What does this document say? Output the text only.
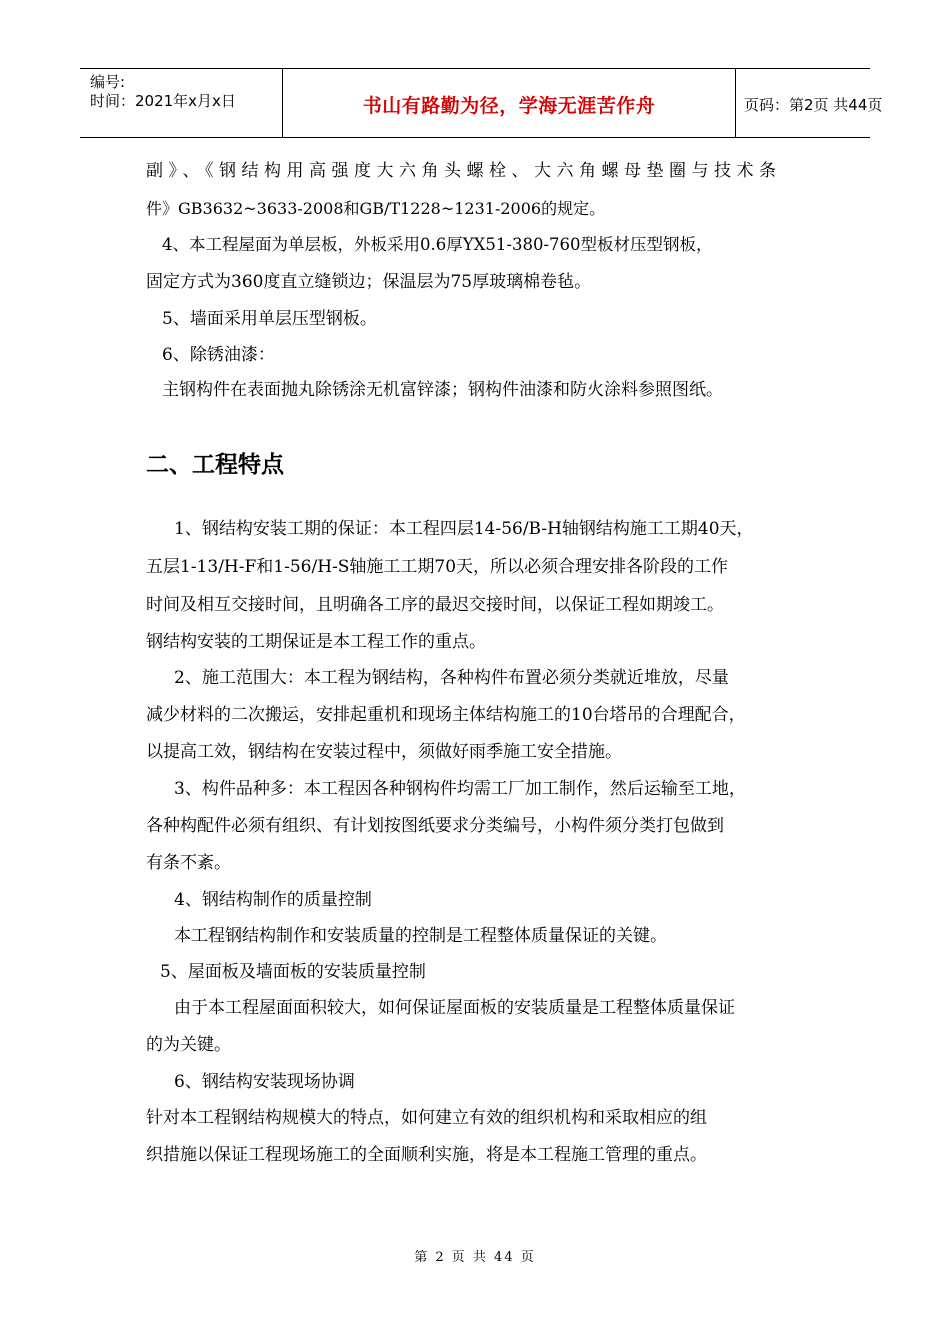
编号:
时间：2021年x月x日	书山有路勤为径，学海无涯苦作舟	页码：第2页 共44页
副》、《钢结构用高强度大六角头螺栓、大六角螺母垫圈与技术条
件》GB3632~3633-2008和GB/T1228~1231-2006的规定。
4、本工程屋面为单层板，外板采用0.6厚YX51-380-760型板材压型钢板，
固定方式为360度直立缝锁边；保温层为75厚玻璃棉卷毡。
5、墙面采用单层压型钢板。
6、除锈油漆：
主钢构件在表面抛丸除锈涂无机富锌漆；钢构件油漆和防火涂料参照图纸。
二、工程特点
1、钢结构安装工期的保证：本工程四层14-56/B-H轴钢结构施工工期40天，
五层1-13/H-F和1-56/H-S轴施工工期70天，所以必须合理安排各阶段的工作
时间及相互交接时间，且明确各工序的最迟交接时间，以保证工程如期竣工。
钢结构安装的工期保证是本工程工作的重点。
2、施工范围大：本工程为钢结构，各种构件布置必须分类就近堆放，尽量
减少材料的二次搬运，安排起重机和现场主体结构施工的10台塔吊的合理配合，
以提高工效，钢结构在安装过程中，须做好雨季施工安全措施。
3、构件品种多：本工程因各种钢构件均需工厂加工制作，然后运输至工地，
各种构配件必须有组织、有计划按图纸要求分类编号，小构件须分类打包做到
有条不紊。
4、钢结构制作的质量控制
本工程钢结构制作和安装质量的控制是工程整体质量保证的关键。
5、屋面板及墙面板的安装质量控制
由于本工程屋面面积较大，如何保证屋面板的安装质量是工程整体质量保证
的为关键。
6、钢结构安装现场协调
针对本工程钢结构规模大的特点，如何建立有效的组织机构和采取相应的组
织措施以保证工程现场施工的全面顺利实施，将是本工程施工管理的重点。
第 2 页 共 44 页
